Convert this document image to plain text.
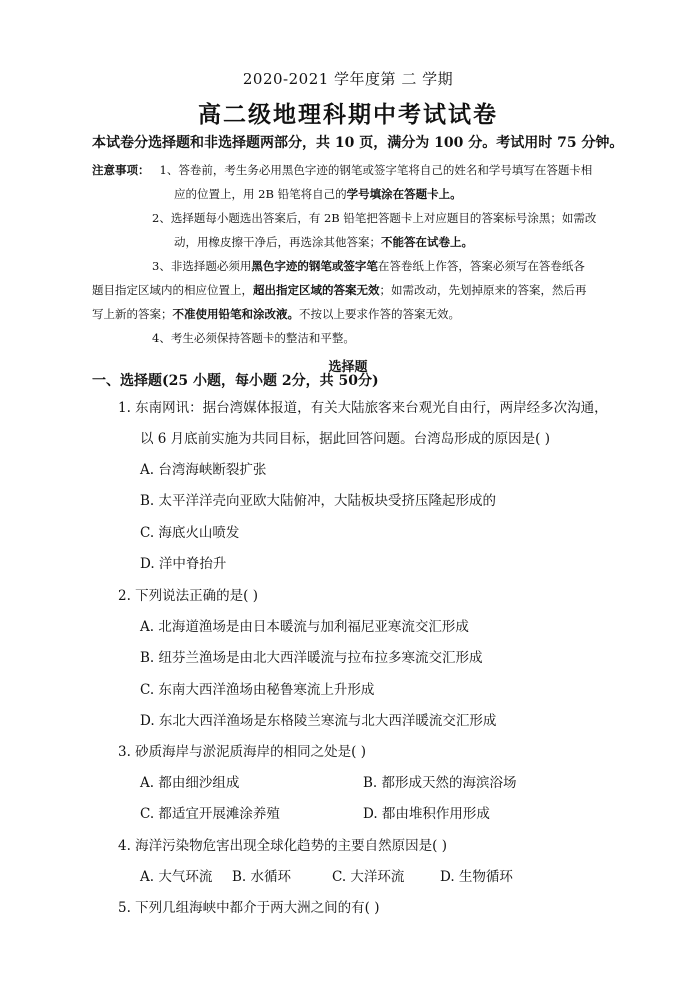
2020-2021 学年度第 二 学期
高二级地理科期中考试试卷
本试卷分选择题和非选择题两部分，共 10 页，满分为 100 分。考试用时 75 分钟。
注意事项： 1、答卷前，考生务必用黑色字迹的钢笔或签字笔将自己的姓名和学号填写在答题卡相
应的位置上，用 2B 铅笔将自己的学号填涂在答题卡上。
2、选择题每小题选出答案后，有 2B 铅笔把答题卡上对应题目的答案标号涂黑；如需改
动，用橡皮擦干净后，再选涂其他答案；不能答在试卷上。
3、非选择题必须用黑色字迹的钢笔或签字笔在答卷纸上作答，答案必须写在答卷纸各
题目指定区域内的相应位置上，超出指定区域的答案无效；如需改动，先划掉原来的答案，然后再
写上新的答案；不准使用铅笔和涂改液。不按以上要求作答的答案无效。
4、考生必须保持答题卡的整洁和平整。
选择题
一、选择题(25 小题，每小题 2分，共 50分)
1. 东南网讯：据台湾媒体报道，有关大陆旅客来台观光自由行，两岸经多次沟通，
以 6 月底前实施为共同目标，据此回答问题。台湾岛形成的原因是( )
A. 台湾海峡断裂扩张
B. 太平洋洋壳向亚欧大陆俯冲，大陆板块受挤压隆起形成的
C. 海底火山喷发
D. 洋中脊抬升
2. 下列说法正确的是( )
A. 北海道渔场是由日本暖流与加利福尼亚寒流交汇形成
B. 纽芬兰渔场是由北大西洋暖流与拉布拉多寒流交汇形成
C. 东南大西洋渔场由秘鲁寒流上升形成
D. 东北大西洋渔场是东格陵兰寒流与北大西洋暖流交汇形成
3. 砂质海岸与淤泥质海岸的相同之处是( )
A. 都由细沙组成	B. 都形成天然的海滨浴场
C. 都适宜开展滩涂养殖	D. 都由堆积作用形成
4. 海洋污染物危害出现全球化趋势的主要自然原因是( )
A. 大气环流 B. 水循环	C. 大洋环流	D. 生物循环
5. 下列几组海峡中都介于两大洲之间的有( )
